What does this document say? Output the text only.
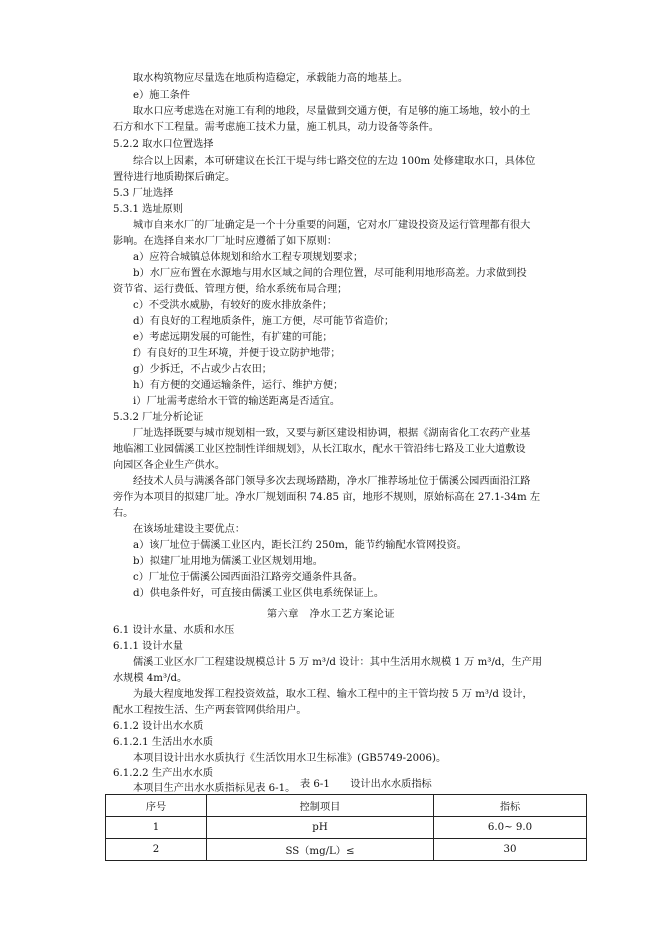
取水构筑物应尽量选在地质构造稳定，承载能力高的地基上。
e）施工条件
取水口应考虑选在对施工有利的地段，尽量做到交通方便，有足够的施工场地，较小的土
石方和水下工程量。需考虑施工技术力量，施工机具，动力设备等条件。
5.2.2 取水口位置选择
综合以上因素，本可研建议在长江干堤与纬七路交位的左边 100m 处修建取水口，具体位
置待进行地质勘探后确定。
5.3 厂址选择
5.3.1 选址原则
城市自来水厂的厂址确定是一个十分重要的问题，它对水厂建设投资及运行管理都有很大
影响。在选择自来水厂厂址时应遵循了如下原则：
a）应符合城镇总体规划和给水工程专项规划要求；
b）水厂应布置在水源地与用水区域之间的合理位置，尽可能利用地形高差。力求做到投
资节省、运行费低、管理方便，给水系统布局合理；
c）不受洪水威胁，有较好的废水排放条件；
d）有良好的工程地质条件，施工方便，尽可能节省造价；
e）考虑远期发展的可能性，有扩建的可能；
f）有良好的卫生环境，并便于设立防护地带；
g）少拆迁，不占或少占农田；
h）有方便的交通运输条件，运行、维护方便；
i）厂址需考虑给水干管的输送距离是否适宜。
5.3.2 厂址分析论证
厂址选择既要与城市规划相一致，又要与新区建设相协调，根据《湖南省化工农药产业基
地临湘工业园儒溪工业区控制性详细规划》，从长江取水，配水干管沿纬七路及工业大道敷设
向园区各企业生产供水。
经技术人员与满溪各部门领导多次去现场踏勘，净水厂推荐场址位于儒溪公园西面沿江路
旁作为本项目的拟建厂址。净水厂规划面积 74.85 亩，地形不规则，原始标高在 27.1-34m 左
右。
在该场址建设主要优点：
a）该厂址位于儒溪工业区内，距长江约 250m，能节约输配水管网投资。
b）拟建厂址用地为儒溪工业区规划用地。
c）厂址位于儒溪公园西面沿江路旁交通条件具备。
d）供电条件好，可直接由儒溪工业区供电系统保证上。
第六章　净水工艺方案论证
6.1 设计水量、水质和水压
6.1.1 设计水量
儒溪工业区水厂工程建设规模总计 5 万 m³/d 设计：其中生活用水规模 1 万 m³/d，生产用
水规模 4m³/d。
为最大程度地发挥工程投资效益，取水工程、输水工程中的主干管均按 5 万 m³/d 设计，
配水工程按生活、生产两套管网供给用户。
6.1.2 设计出水水质
6.1.2.1 生活出水水质
本项目设计出水水质执行《生活饮用水卫生标准》(GB5749-2006)。
6.1.2.2 生产出水水质
本项目生产出水水质指标见表 6-1。 表 6-1　　设计出水水质指标
序号	控制项目	指标
1	pH	6.0~ 9.0
2	SS（mg/L）≤	30
